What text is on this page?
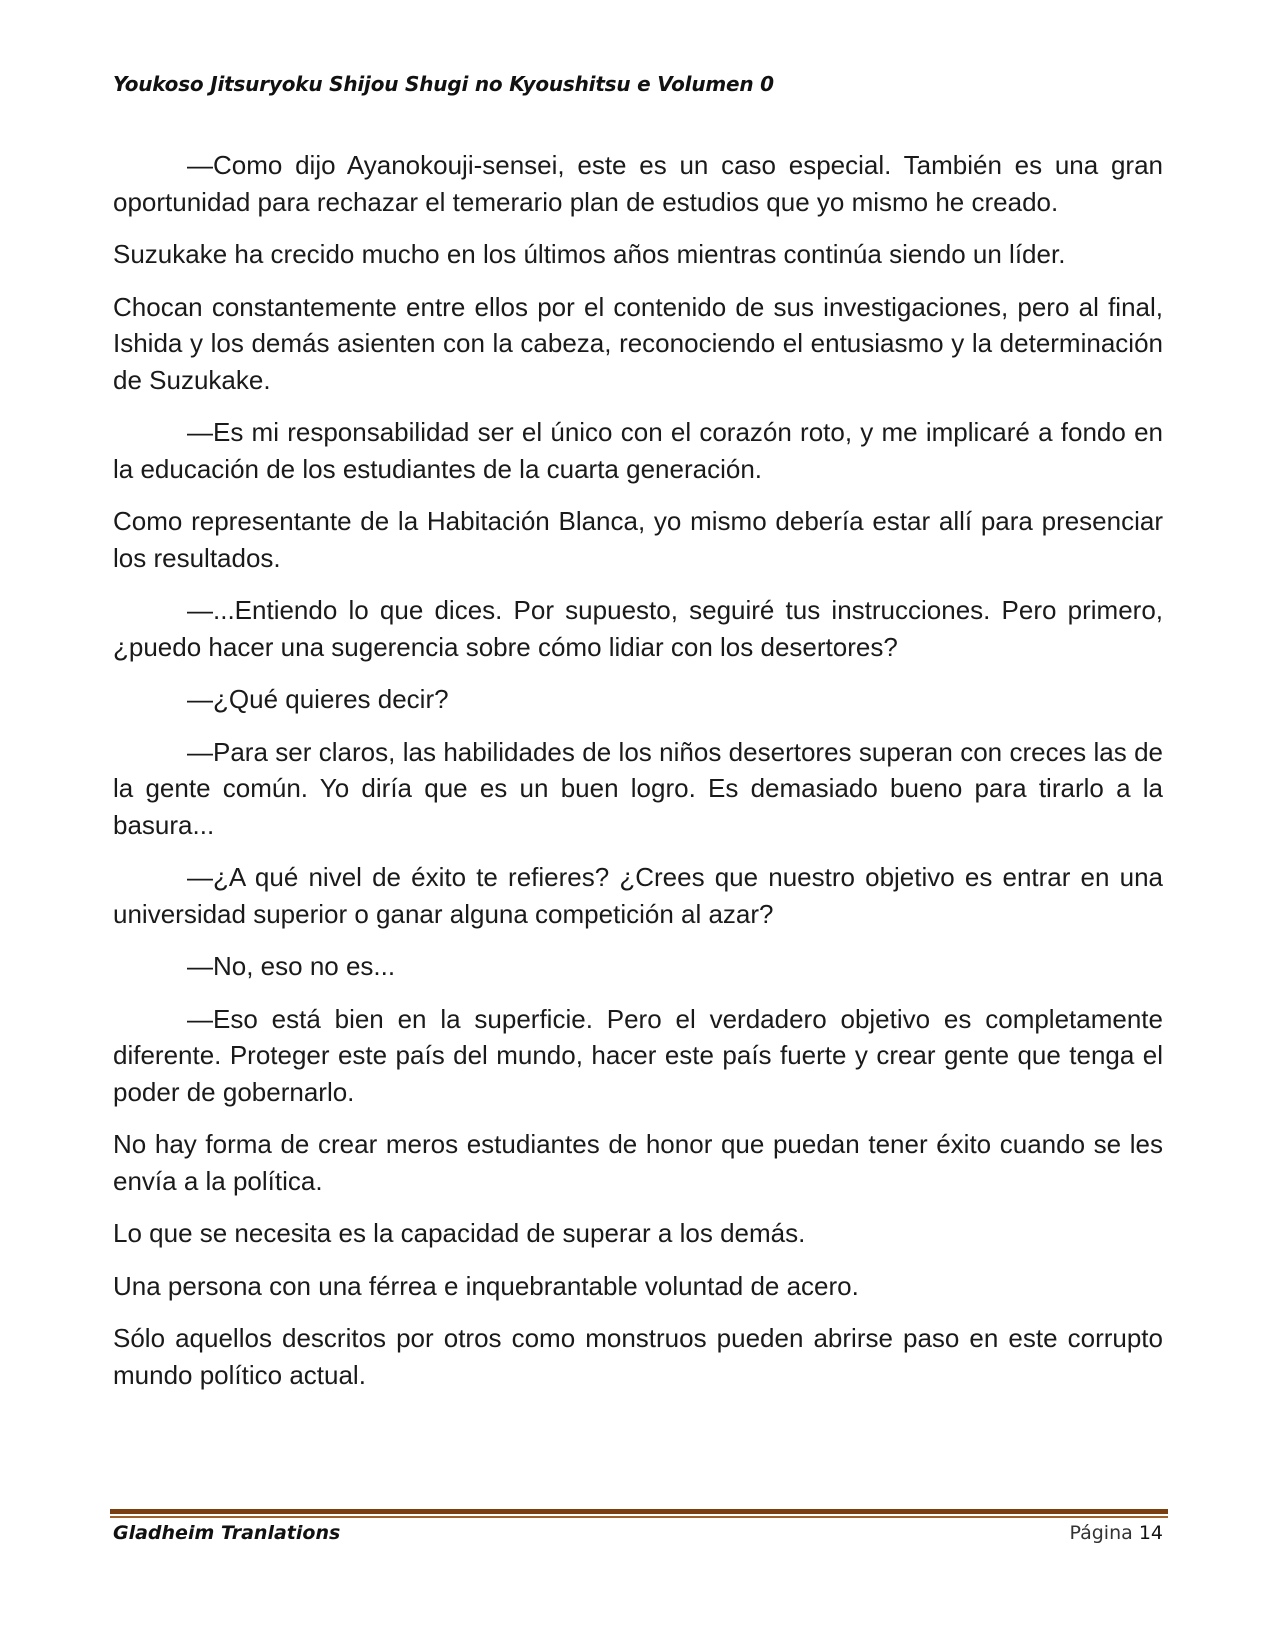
Youkoso Jitsuryoku Shijou Shugi no Kyoushitsu e Volumen 0

—Como dijo Ayanokouji-sensei, este es un caso especial. También es una gran oportunidad para rechazar el temerario plan de estudios que yo mismo he creado.

Suzukake ha crecido mucho en los últimos años mientras continúa siendo un líder.

Chocan constantemente entre ellos por el contenido de sus investigaciones, pero al final, Ishida y los demás asienten con la cabeza, reconociendo el entusiasmo y la determinación de Suzukake.

—Es mi responsabilidad ser el único con el corazón roto, y me implicaré a fondo en la educación de los estudiantes de la cuarta generación.

Como representante de la Habitación Blanca, yo mismo debería estar allí para presenciar los resultados.

—...Entiendo lo que dices. Por supuesto, seguiré tus instrucciones. Pero primero, ¿puedo hacer una sugerencia sobre cómo lidiar con los desertores?

—¿Qué quieres decir?

—Para ser claros, las habilidades de los niños desertores superan con creces las de la gente común. Yo diría que es un buen logro. Es demasiado bueno para tirarlo a la basura...

—¿A qué nivel de éxito te refieres? ¿Crees que nuestro objetivo es entrar en una universidad superior o ganar alguna competición al azar?

—No, eso no es...

—Eso está bien en la superficie. Pero el verdadero objetivo es completamente diferente. Proteger este país del mundo, hacer este país fuerte y crear gente que tenga el poder de gobernarlo.

No hay forma de crear meros estudiantes de honor que puedan tener éxito cuando se les envía a la política.

Lo que se necesita es la capacidad de superar a los demás.

Una persona con una férrea e inquebrantable voluntad de acero.

Sólo aquellos descritos por otros como monstruos pueden abrirse paso en este corrupto mundo político actual.

Gladheim Tranlations	Página 14
